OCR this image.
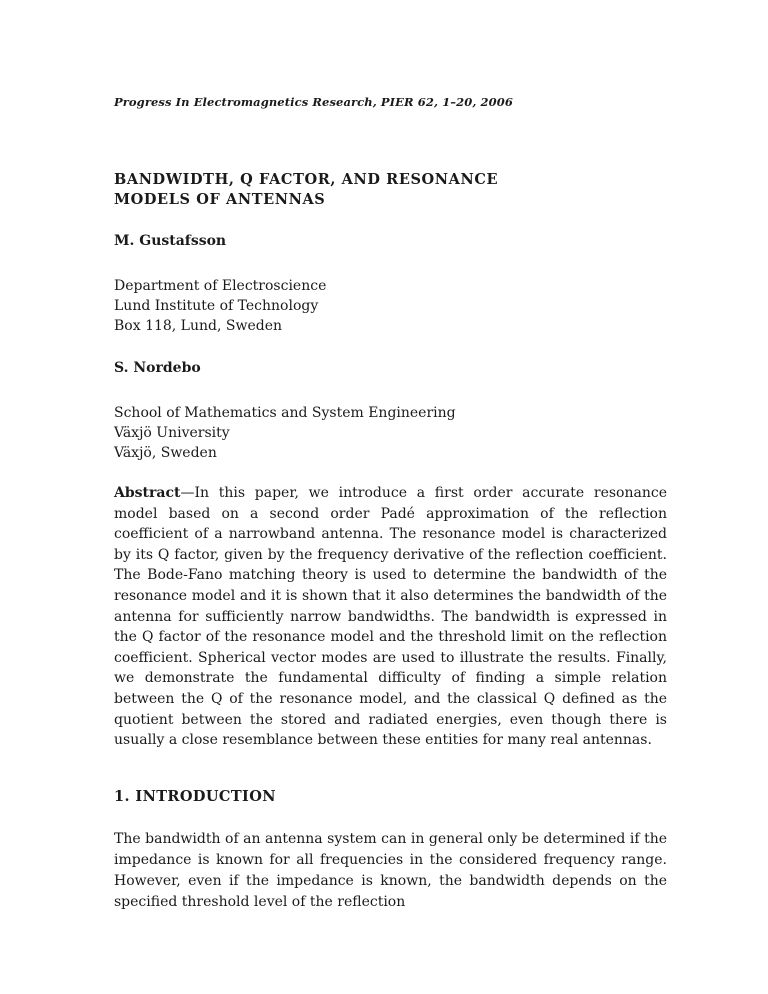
Progress In Electromagnetics Research, PIER 62, 1–20, 2006
BANDWIDTH, Q FACTOR, AND RESONANCE
MODELS OF ANTENNAS
M. Gustafsson
Department of Electroscience
Lund Institute of Technology
Box 118, Lund, Sweden
S. Nordebo
School of Mathematics and System Engineering
Växjö University
Växjö, Sweden

Abstract—In this paper, we introduce a first order accurate resonance model based on a second order Padé approximation of the reflection coefficient of a narrowband antenna. The resonance model is characterized by its Q factor, given by the frequency derivative of the reflection coefficient. The Bode-Fano matching theory is used to determine the bandwidth of the resonance model and it is shown that it also determines the bandwidth of the antenna for sufficiently narrow bandwidths. The bandwidth is expressed in the Q factor of the resonance model and the threshold limit on the reflection coefficient. Spherical vector modes are used to illustrate the results. Finally, we demonstrate the fundamental difficulty of finding a simple relation between the Q of the resonance model, and the classical Q defined as the quotient between the stored and radiated energies, even though there is usually a close resemblance between these entities for many real antennas.

1. INTRODUCTION

The bandwidth of an antenna system can in general only be determined if the impedance is known for all frequencies in the considered frequency range. However, even if the impedance is known, the bandwidth depends on the specified threshold level of the reflection
